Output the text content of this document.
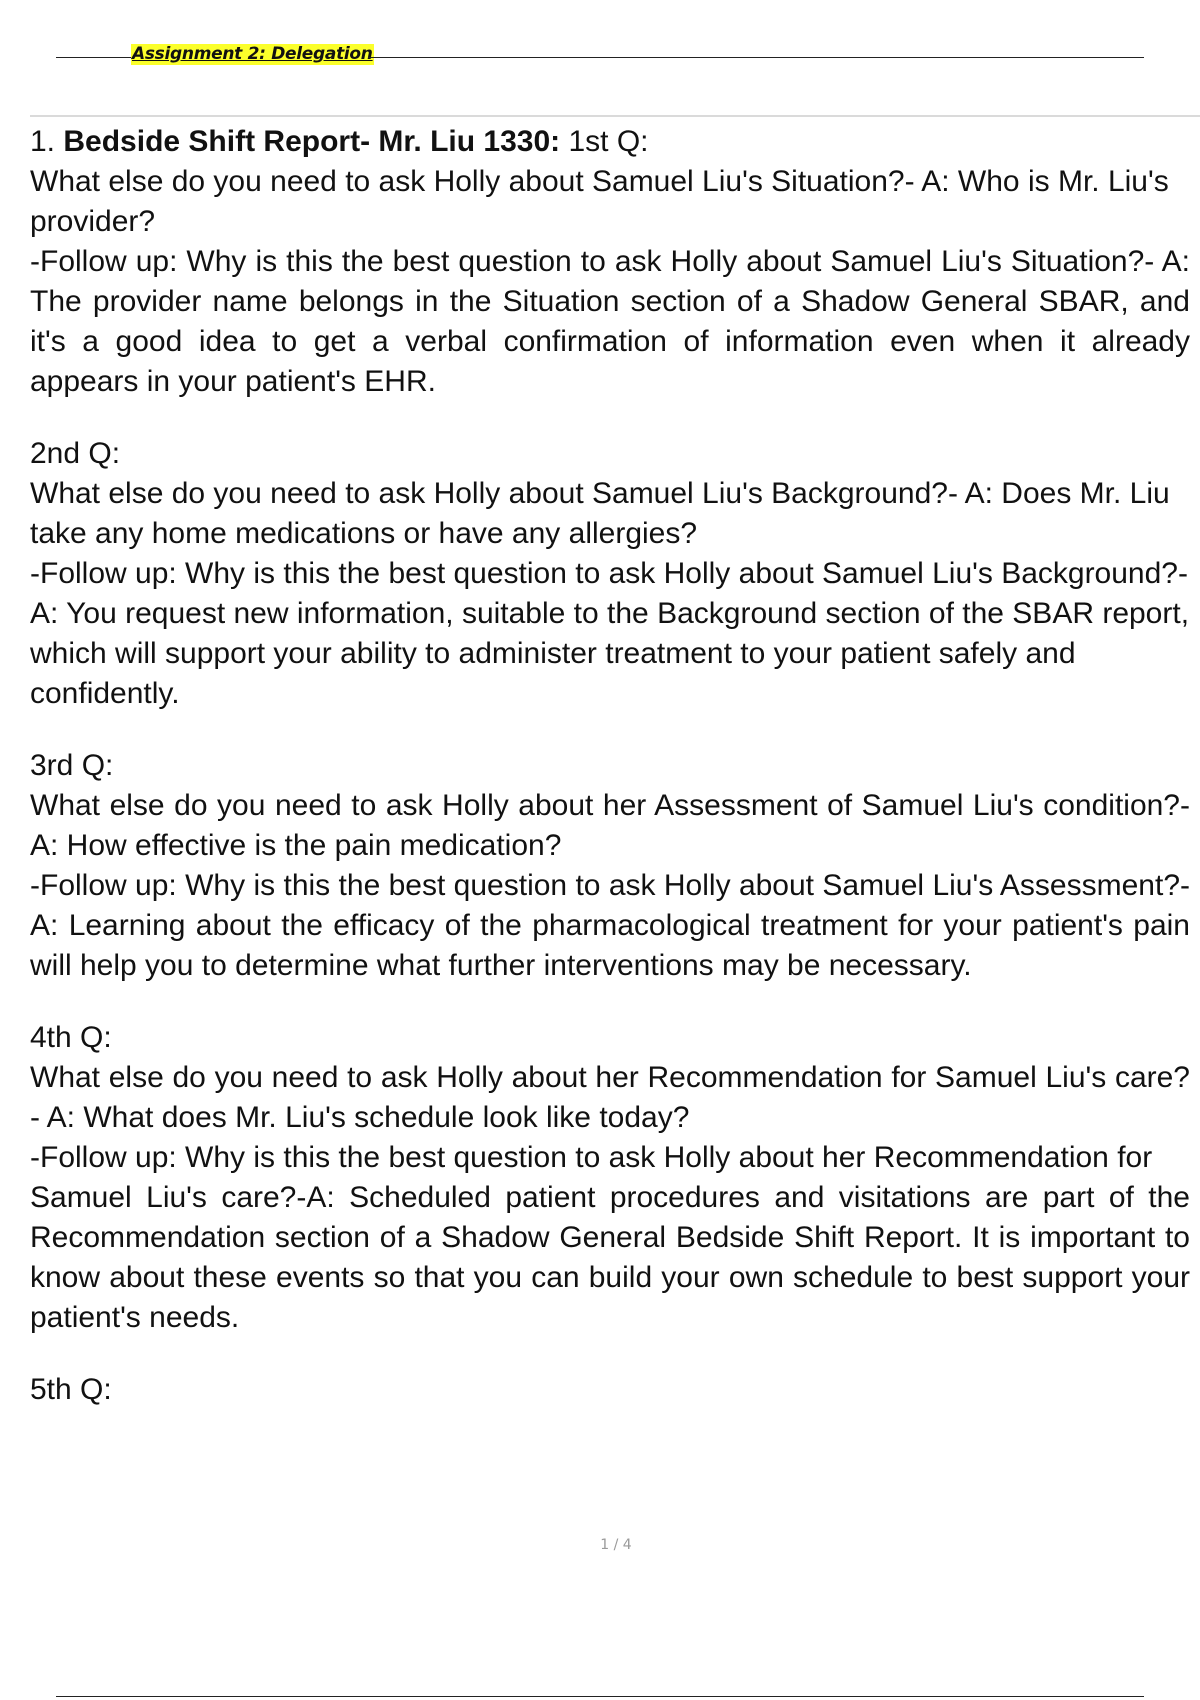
Assignment 2: Delegation

1. Bedside Shift Report- Mr. Liu 1330: 1st Q:

What else do you need to ask Holly about Samuel Liu's Situation?- A: Who is Mr. Liu's provider?

-Follow up: Why is this the best question to ask Holly about Samuel Liu's Situation?- A: The provider name belongs in the Situation section of a Shadow General SBAR, and it's a good idea to get a verbal confirmation of information even when it already appears in your patient's EHR.

2nd Q:

What else do you need to ask Holly about Samuel Liu's Background?- A: Does Mr. Liu take any home medications or have any allergies?

-Follow up: Why is this the best question to ask Holly about Samuel Liu's Background?- A: You request new information, suitable to the Background section of the SBAR report, which will support your ability to administer treatment to your patient safely and confidently.

3rd Q:

What else do you need to ask Holly about her Assessment of Samuel Liu's condition?- A: How effective is the pain medication?

-Follow up: Why is this the best question to ask Holly about Samuel Liu's Assessment?- A: Learning about the efficacy of the pharmacological treatment for your patient's pain will help you to determine what further interventions may be necessary.

4th Q:

What else do you need to ask Holly about her Recommendation for Samuel Liu's care?- A: What does Mr. Liu's schedule look like today?

-Follow up: Why is this the best question to ask Holly about her Recommendation for

Samuel Liu's care?-A: Scheduled patient procedures and visitations are part of the Recommendation section of a Shadow General Bedside Shift Report. It is important to know about these events so that you can build your own schedule to best support your patient's needs.

5th Q:

1 / 4
